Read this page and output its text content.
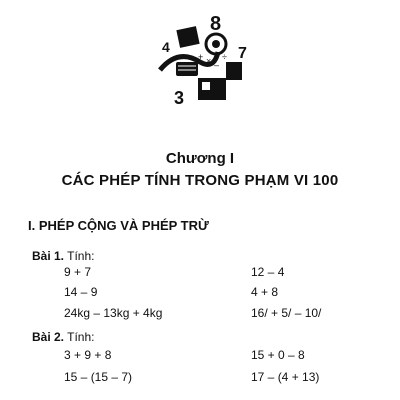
8
4	7
3
+ × –
÷
Chương I
CÁC PHÉP TÍNH TRONG PHẠM VI 100
I. PHÉP CỘNG VÀ PHÉP TRỪ

Bài 1. Tính:

9 + 7	12 – 4
14 – 9	4 + 8
24kg – 13kg + 4kg	16/ + 5/ – 10/

Bài 2. Tính:

3 + 9 + 8	15 + 0 – 8
15 – (15 – 7)	17 – (4 + 13)
